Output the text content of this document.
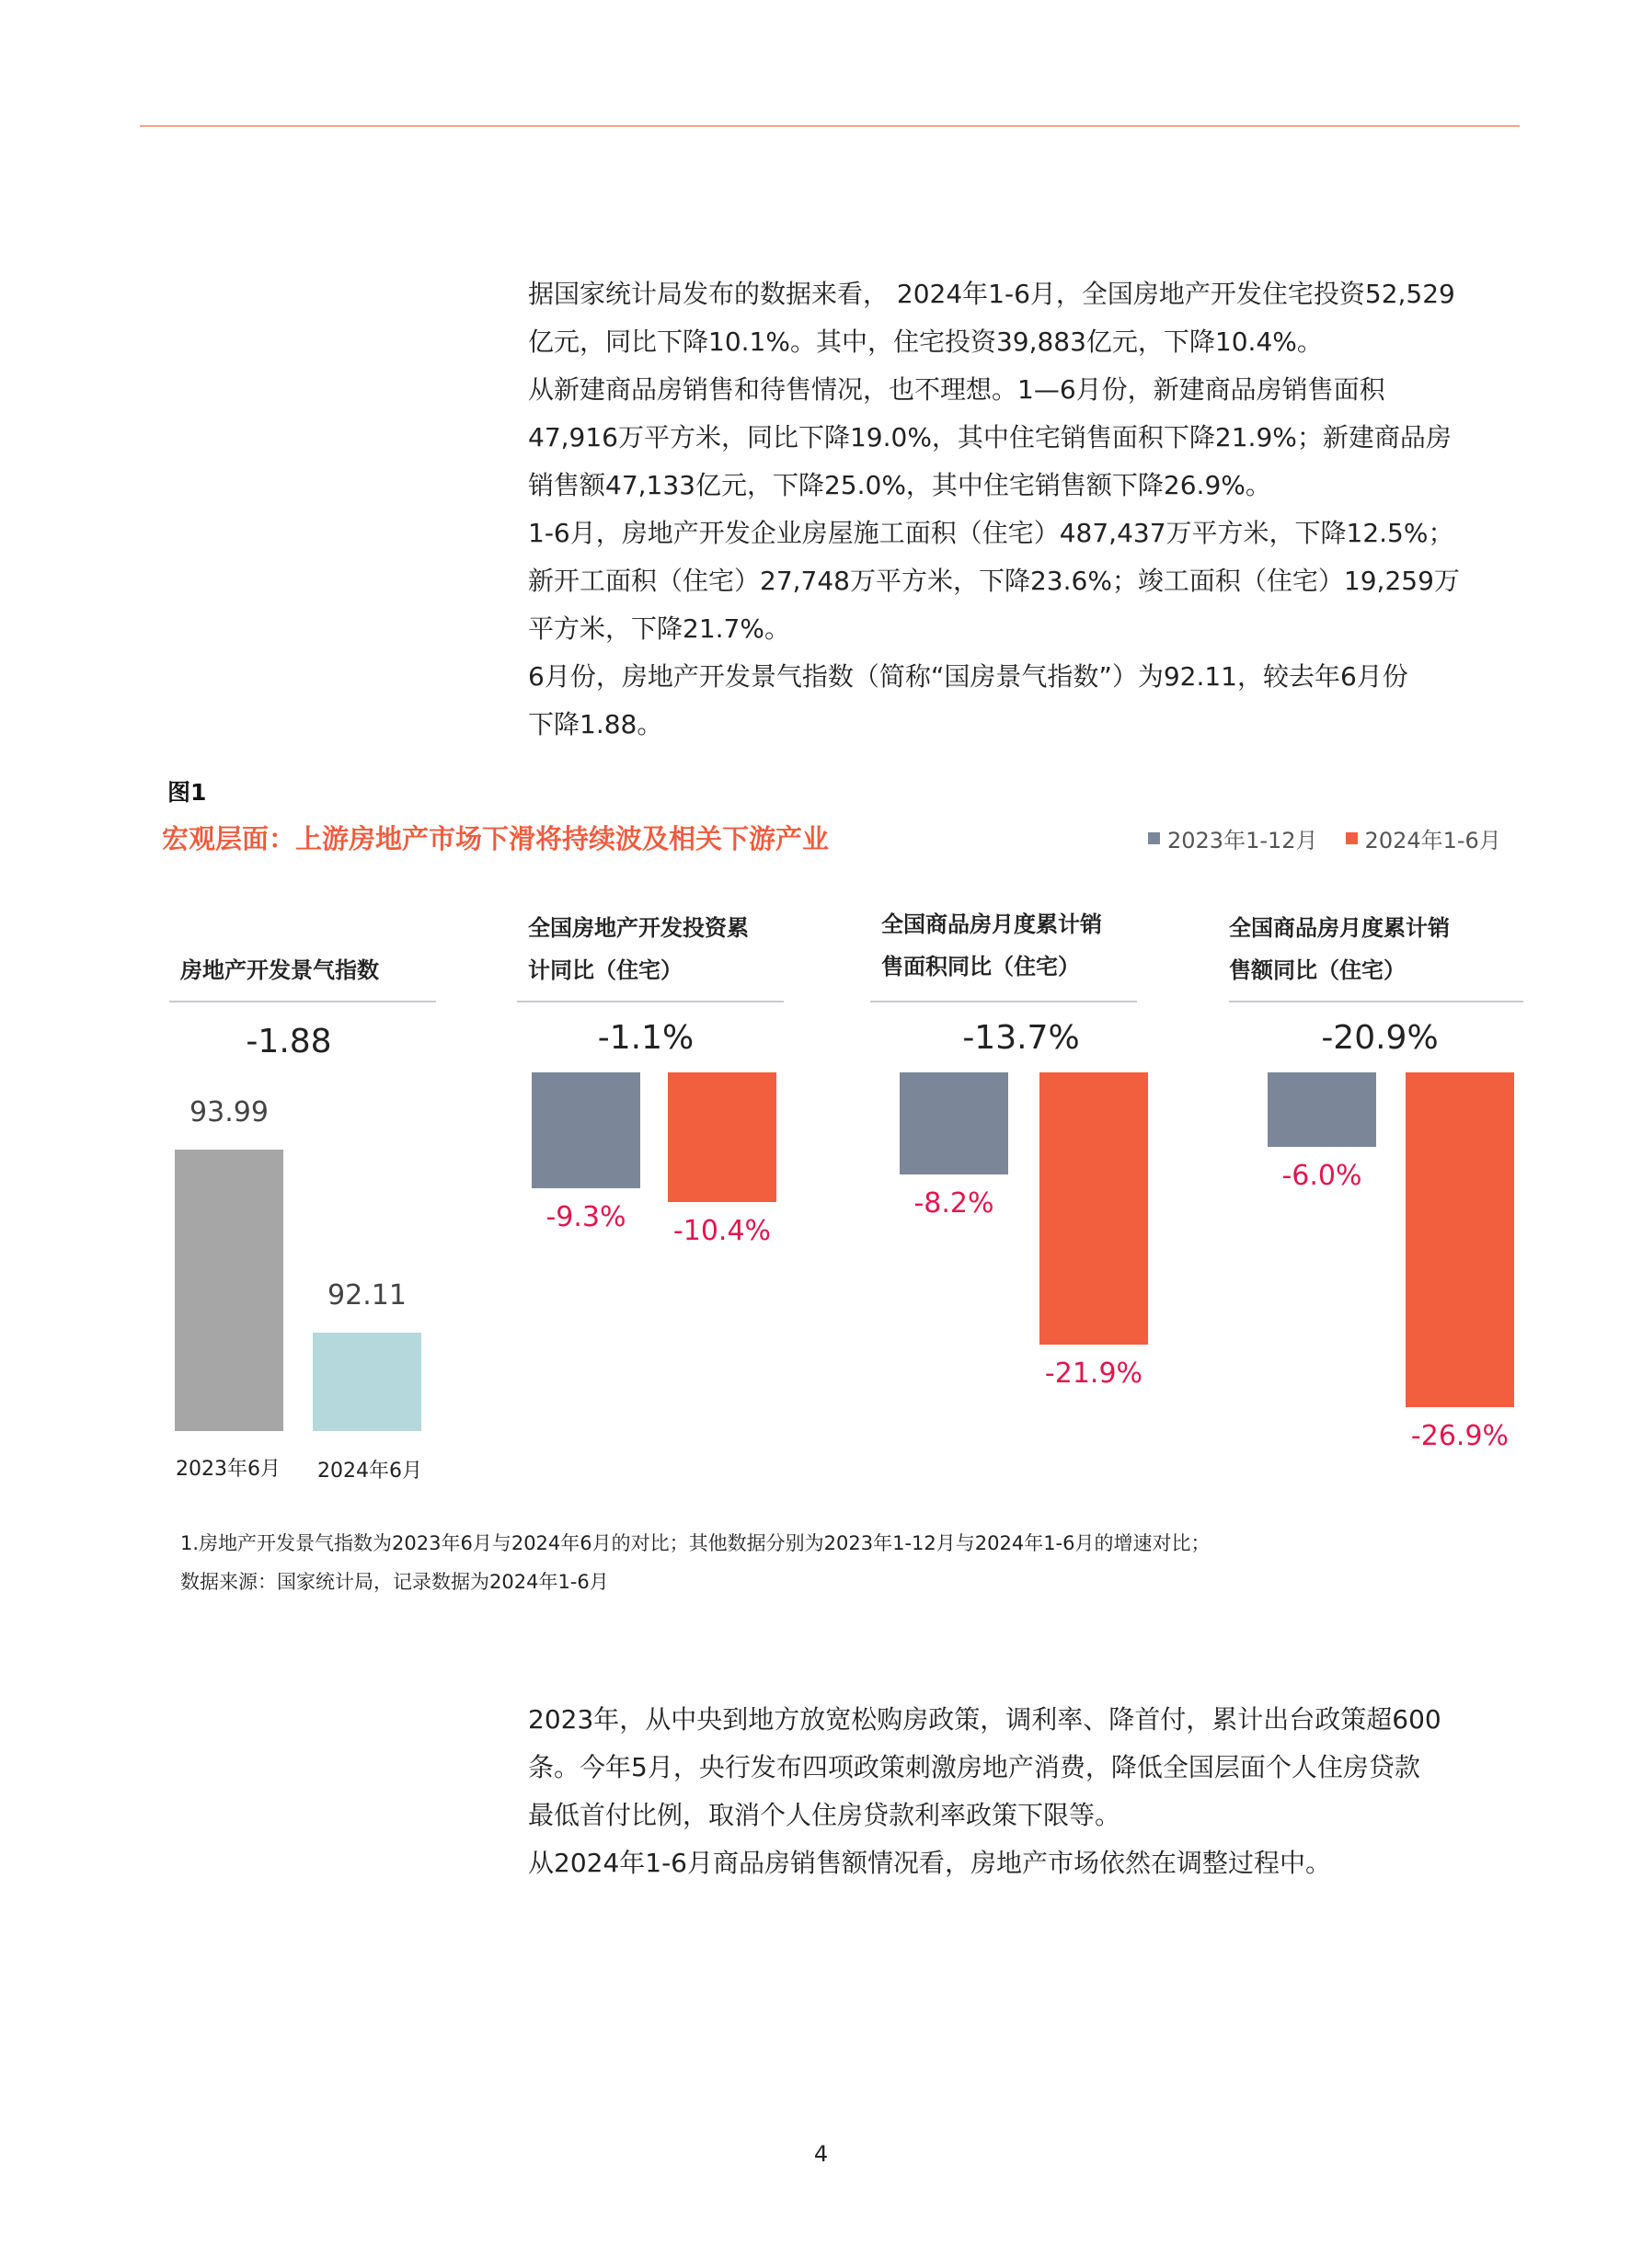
据国家统计局发布的数据来看， 2024年1-6月，全国房地产开发住宅投资52,529

亿元，同比下降10.1%。其中，住宅投资39,883亿元，下降10.4%。

从新建商品房销售和待售情况，也不理想。1—6月份，新建商品房销售面积

47,916万平方米，同比下降19.0%，其中住宅销售面积下降21.9%；新建商品房

销售额47,133亿元，下降25.0%，其中住宅销售额下降26.9%。

1-6月，房地产开发企业房屋施工面积（住宅）487,437万平方米，下降12.5%；

新开工面积（住宅）27,748万平方米，下降23.6%；竣工面积（住宅）19,259万

平方米，下降21.7%。

6月份，房地产开发景气指数（简称“国房景气指数”）为92.11，较去年6月份

下降1.88。

图1
宏观层面：上游房地产市场下滑将持续波及相关下游产业	2023年1-12月 2024年1-6月
房地产开发景气指数
-1.88
93.99
92.11
2023年6月	2024年6月
全国房地产开发投资累
计同比（住宅）
-1.1%
全国商品房月度累计销
售面积同比（住宅）
-13.7%
全国商品房月度累计销
售额同比（住宅）
-20.9%
-9.3%	-10.4%
-8.2%
-21.9%
-6.0%
-26.9%
1.房地产开发景气指数为2023年6月与2024年6月的对比；其他数据分别为2023年1-12月与2024年1-6月的增速对比；
数据来源：国家统计局，记录数据为2024年1-6月

2023年，从中央到地方放宽松购房政策，调利率、降首付，累计出台政策超600

条。今年5月，央行发布四项政策刺激房地产消费，降低全国层面个人住房贷款

最低首付比例，取消个人住房贷款利率政策下限等。

从2024年1-6月商品房销售额情况看，房地产市场依然在调整过程中。

4
